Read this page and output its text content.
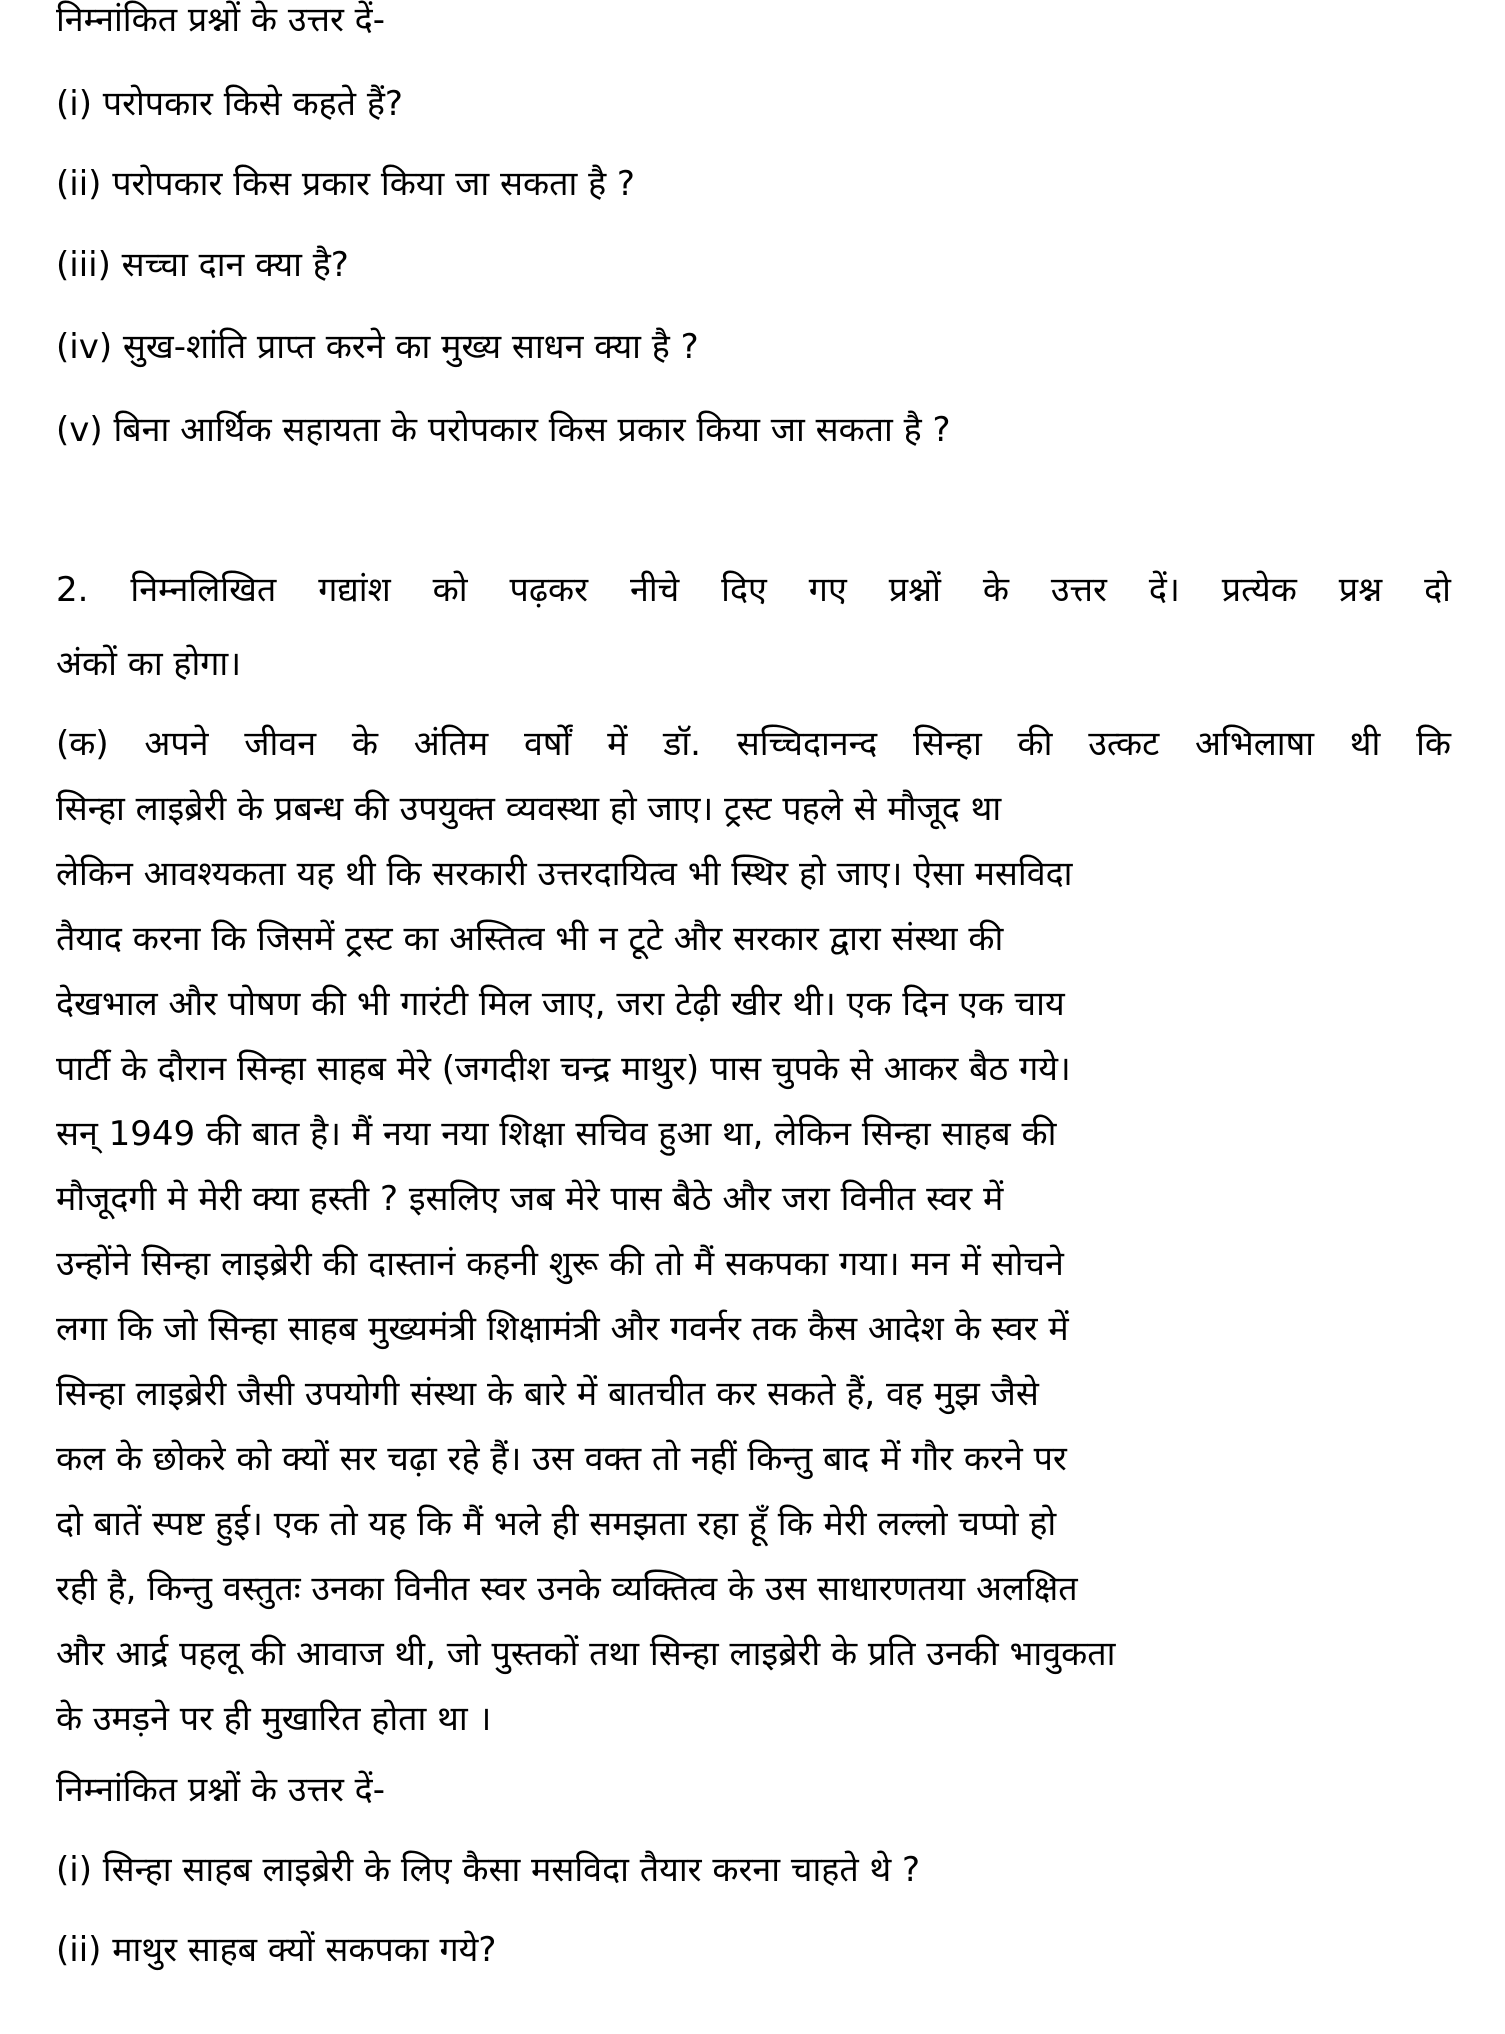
निम्नांकित प्रश्नों के उत्तर दें-
(i) परोपकार किसे कहते हैं?
(ii) परोपकार किस प्रकार किया जा सकता है ?
(iii) सच्चा दान क्या है?
(iv) सुख-शांति प्राप्त करने का मुख्य साधन क्या है ?
(v) बिना आर्थिक सहायता के परोपकार किस प्रकार किया जा सकता है ?
2. निम्नलिखित गद्यांश को पढ़कर नीचे दिए गए प्रश्नों के उत्तर दें। प्रत्येक प्रश्न दो
अंकों का होगा।
(क) अपने जीवन के अंतिम वर्षों में डॉ. सच्चिदानन्द सिन्हा की उत्कट अभिलाषा थी कि
सिन्हा लाइब्रेरी के प्रबन्ध की उपयुक्त व्यवस्था हो जाए। ट्रस्ट पहले से मौजूद था
लेकिन आवश्यकता यह थी कि सरकारी उत्तरदायित्व भी स्थिर हो जाए। ऐसा मसविदा
तैयाद करना कि जिसमें ट्रस्ट का अस्तित्व भी न टूटे और सरकार द्वारा संस्था की
देखभाल और पोषण की भी गारंटी मिल जाए, जरा टेढ़ी खीर थी। एक दिन एक चाय
पार्टी के दौरान सिन्हा साहब मेरे (जगदीश चन्द्र माथुर) पास चुपके से आकर बैठ गये।
सन् 1949 की बात है। मैं नया नया शिक्षा सचिव हुआ था, लेकिन सिन्हा साहब की
मौजूदगी मे मेरी क्या हस्ती ? इसलिए जब मेरे पास बैठे और जरा विनीत स्वर में
उन्होंने सिन्हा लाइब्रेरी की दास्तानं कहनी शुरू की तो मैं सकपका गया। मन में सोचने
लगा कि जो सिन्हा साहब मुख्यमंत्री शिक्षामंत्री और गवर्नर तक कैस आदेश के स्वर में
सिन्हा लाइब्रेरी जैसी उपयोगी संस्था के बारे में बातचीत कर सकते हैं, वह मुझ जैसे
कल के छोकरे को क्यों सर चढ़ा रहे हैं। उस वक्त तो नहीं किन्तु बाद में गौर करने पर
दो बातें स्पष्ट हुई। एक तो यह कि मैं भले ही समझता रहा हूँ कि मेरी लल्लो चप्पो हो
रही है, किन्तु वस्तुतः उनका विनीत स्वर उनके व्यक्तित्व के उस साधारणतया अलक्षित
और आर्द्र पहलू की आवाज थी, जो पुस्तकों तथा सिन्हा लाइब्रेरी के प्रति उनकी भावुकता
के उमड़ने पर ही मुखारित होता था ।
निम्नांकित प्रश्नों के उत्तर दें-
(i) सिन्हा साहब लाइब्रेरी के लिए कैसा मसविदा तैयार करना चाहते थे ?
(ii) माथुर साहब क्यों सकपका गये?
